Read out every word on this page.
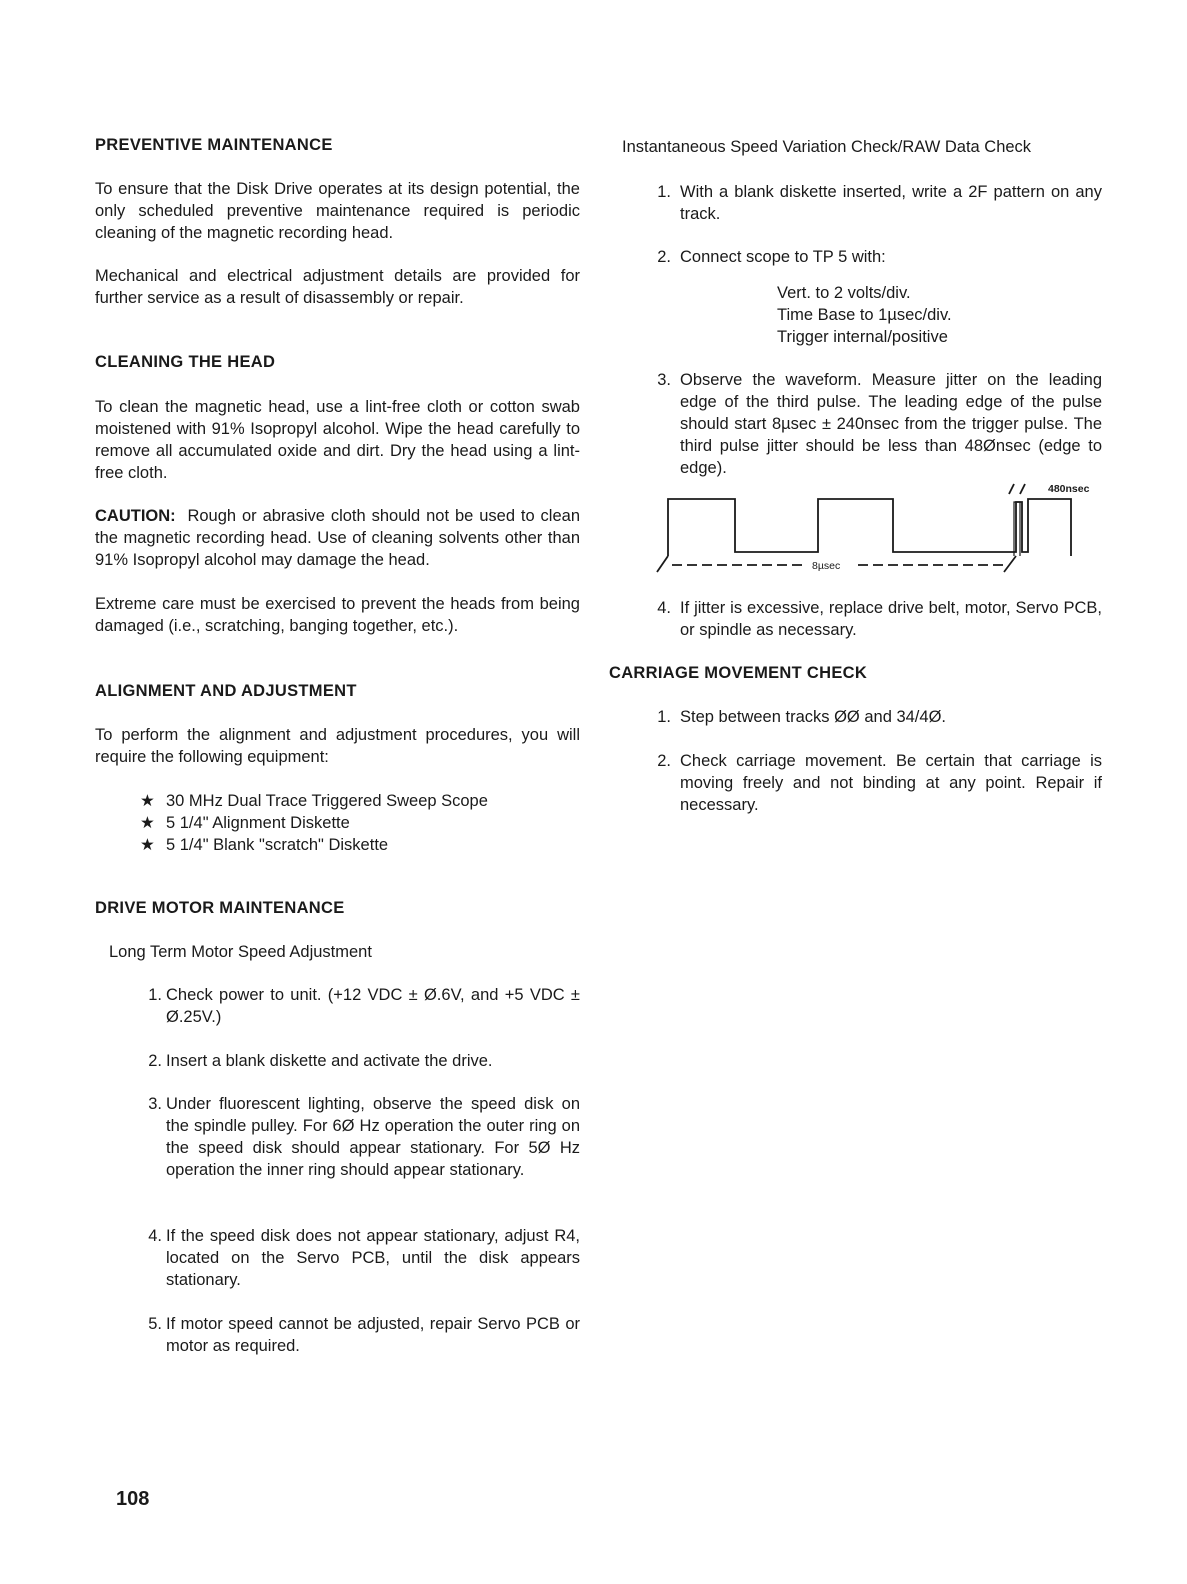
PREVENTIVE MAINTENANCE

To ensure that the Disk Drive operates at its design potential, the only scheduled preventive maintenance required is periodic cleaning of the magnetic recording head.

Mechanical and electrical adjustment details are provided for further service as a result of disassembly or repair.

CLEANING THE HEAD

To clean the magnetic head, use a lint-free cloth or cotton swab moistened with 91% Isopropyl alcohol. Wipe the head carefully to remove all accumulated oxide and dirt. Dry the head using a lint-free cloth.

CAUTION: Rough or abrasive cloth should not be used to clean the magnetic recording head. Use of cleaning solvents other than 91% Isopropyl alcohol may damage the head.

Extreme care must be exercised to prevent the heads from being damaged (i.e., scratching, banging together, etc.).

ALIGNMENT AND ADJUSTMENT

To perform the alignment and adjustment procedures, you will require the following equipment:

★ 30 MHz Dual Trace Triggered Sweep Scope
★ 5 1/4" Alignment Diskette
★ 5 1/4" Blank "scratch" Diskette
DRIVE MOTOR MAINTENANCE

Long Term Motor Speed Adjustment

1. Check power to unit. (+12 VDC ± Ø.6V, and +5 VDC ± Ø.25V.)
2. Insert a blank diskette and activate the drive.
3. Under fluorescent lighting, observe the speed disk on the spindle pulley. For 6Ø Hz operation the outer ring on the speed disk should appear stationary. For 5Ø Hz operation the inner ring should appear stationary.
4. If the speed disk does not appear stationary, adjust R4, located on the Servo PCB, until the disk appears stationary.
5. If motor speed cannot be adjusted, repair Servo PCB or motor as required.

Instantaneous Speed Variation Check/RAW Data Check

1. With a blank diskette inserted, write a 2F pattern on any track.
2. Connect scope to TP 5 with:
Vert. to 2 volts/div.
Time Base to 1µsec/div.
Trigger internal/positive
3. Observe the waveform. Measure jitter on the leading edge of the third pulse. The leading edge of the pulse should start 8µsec ± 240nsec from the trigger pulse. The third pulse jitter should be less than 48Ønsec (edge to edge).
480nsec
8µsec
4. If jitter is excessive, replace drive belt, motor, Servo PCB, or spindle as necessary.
CARRIAGE MOVEMENT CHECK
1. Step between tracks ØØ and 34/4Ø.
2. Check carriage movement. Be certain that carriage is moving freely and not binding at any point. Repair if necessary.
108
